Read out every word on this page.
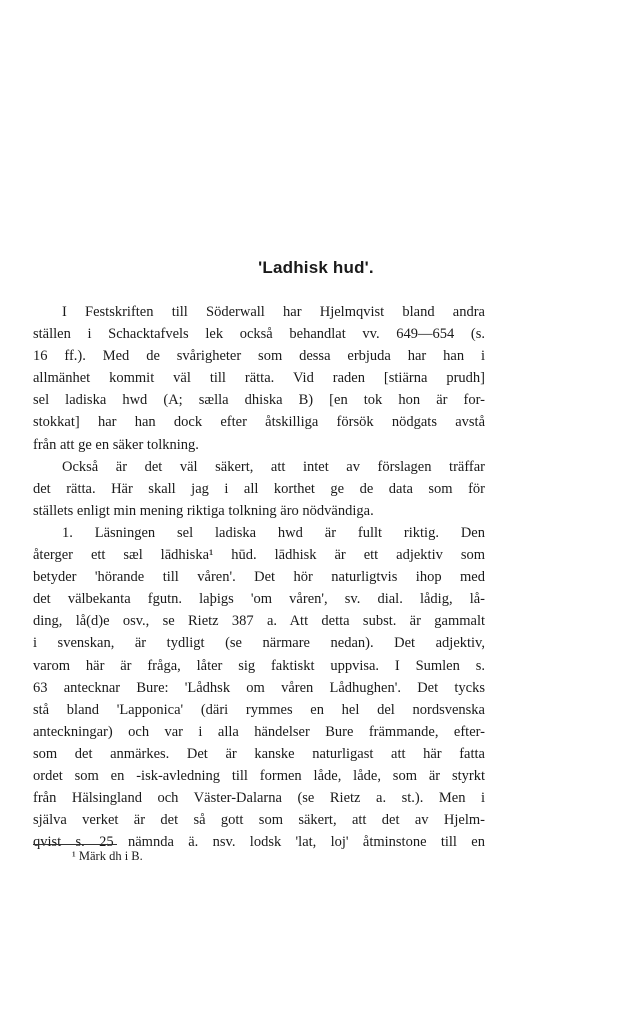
'Ladhisk hud'.
I Festskriften till Söderwall har Hjelmqvist bland andra
ställen i Schacktafvels lek också behandlat vv. 649—654 (s.
16 ff.). Med de svårigheter som dessa erbjuda har han i
allmänhet kommit väl till rätta. Vid raden [stiärna prudh]
sel ladiska hwd (A; sælla dhiska B) [en tok hon är for-
stokkat] har han dock efter åtskilliga försök nödgats avstå
från att ge en säker tolkning.
Också är det väl säkert, att intet av förslagen träffar
det rätta. Här skall jag i all korthet ge de data som för
ställets enligt min mening riktiga tolkning äro nödvändiga.
1. Läsningen sel ladiska hwd är fullt riktig. Den
återger ett sæl lādhiska¹ hūd. lādhisk är ett adjektiv som
betyder 'hörande till våren'. Det hör naturligtvis ihop med
det välbekanta fgutn. laþigs 'om våren', sv. dial. lådig, lå-
ding, lå(d)e osv., se Rietz 387 a. Att detta subst. är gammalt
i svenskan, är tydligt (se närmare nedan). Det adjektiv,
varom här är fråga, låter sig faktiskt uppvisa. I Sumlen s.
63 antecknar Bure: 'Lådhsk om våren Lådhughen'. Det tycks
stå bland 'Lapponica' (däri rymmes en hel del nordsvenska
anteckningar) och var i alla händelser Bure främmande, efter-
som det anmärkes. Det är kanske naturligast att här fatta
ordet som en -isk-avledning till formen låde, låde, som är styrkt
från Hälsingland och Väster-Dalarna (se Rietz a. st.). Men i
själva verket är det så gott som säkert, att det av Hjelm-
qvist s. 25 nämnda ä. nsv. lodsk 'lat, loj' åtminstone till en
¹ Märk dh i B.
